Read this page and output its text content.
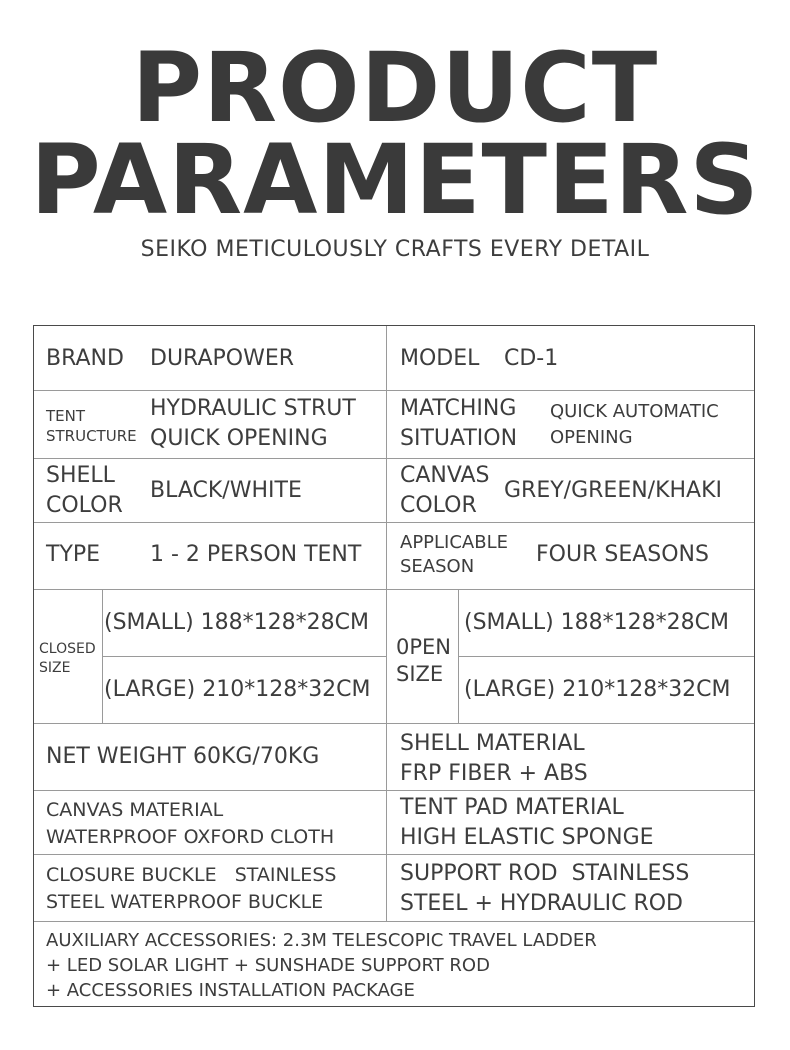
PRODUCT
PARAMETERS
SEIKO METICULOUSLY CRAFTS EVERY DETAIL
BRAND DURAPOWER	MODEL CD-1
TENT
STRUCTURE
HYDRAULIC STRUT
QUICK OPENING
MATCHING
SITUATION
QUICK AUTOMATIC
OPENING
SHELL
COLOR
BLACK/WHITE
CANVAS
COLOR
GREY/GREEN/KHAKI
TYPE 1 - 2 PERSON TENT APPLICABLE
SEASON	FOUR SEASONS
CLOSED
SIZE
(SMALL) 188*128*28CM
(LARGE) 210*128*32CM
0PEN
SIZE
(SMALL) 188*128*28CM
(LARGE) 210*128*32CM
NET WEIGHT 60KG/70KG
SHELL MATERIAL
FRP FIBER + ABS
CANVAS MATERIAL
WATERPROOF OXFORD CLOTH
TENT PAD MATERIAL
HIGH ELASTIC SPONGE
CLOSURE BUCKLE   STAINLESS
STEEL WATERPROOF BUCKLE
SUPPORT ROD  STAINLESS
STEEL + HYDRAULIC ROD
AUXILIARY ACCESSORIES: 2.3M TELESCOPIC TRAVEL LADDER
+ LED SOLAR LIGHT + SUNSHADE SUPPORT ROD
+ ACCESSORIES INSTALLATION PACKAGE
